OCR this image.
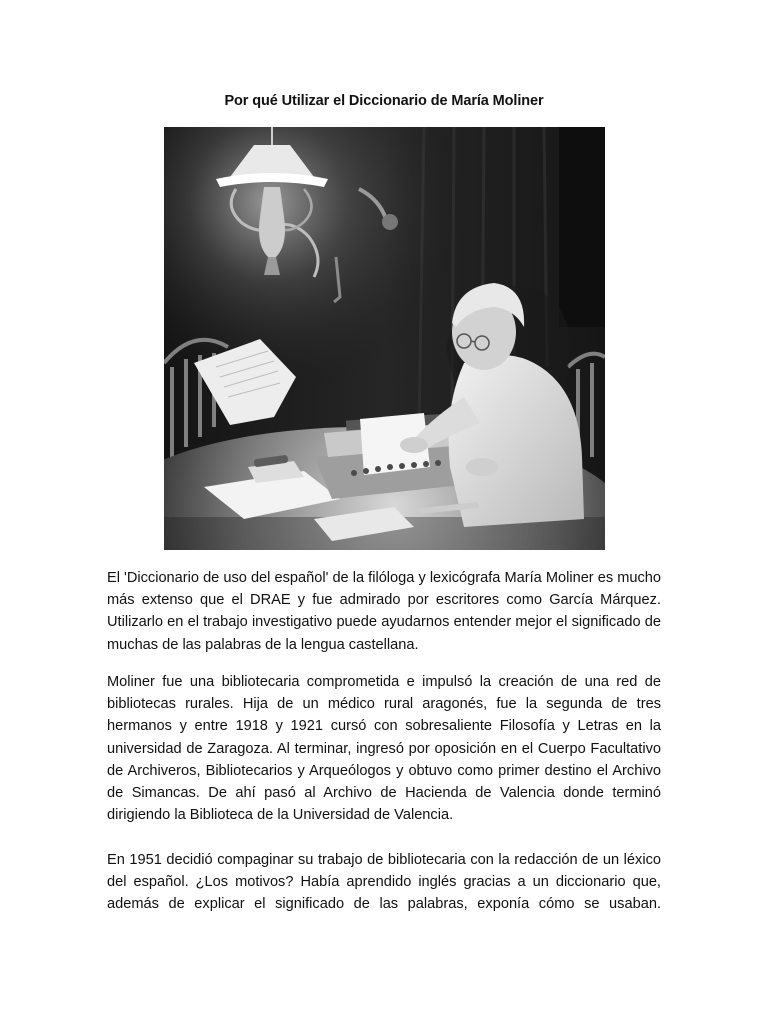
Por qué Utilizar el Diccionario de María Moliner

El 'Diccionario de uso del español' de la filóloga y lexicógrafa María Moliner es mucho más extenso que el DRAE y fue admirado por escritores como García Márquez. Utilizarlo en el trabajo investigativo puede ayudarnos entender mejor el significado de muchas de las palabras de la lengua castellana.

Moliner fue una bibliotecaria comprometida e impulsó la creación de una red de bibliotecas rurales. Hija de un médico rural aragonés, fue la segunda de tres hermanos y entre 1918 y 1921 cursó con sobresaliente Filosofía y Letras en la universidad de Zaragoza. Al terminar, ingresó por oposición en el Cuerpo Facultativo de Archiveros, Bibliotecarios y Arqueólogos y obtuvo como primer destino el Archivo de Simancas. De ahí pasó al Archivo de Hacienda de Valencia donde terminó dirigiendo la Biblioteca de la Universidad de Valencia.

En 1951 decidió compaginar su trabajo de bibliotecaria con la redacción de un léxico del español. ¿Los motivos? Había aprendido inglés gracias a un diccionario que, además de explicar el significado de las palabras, exponía cómo se usaban.
